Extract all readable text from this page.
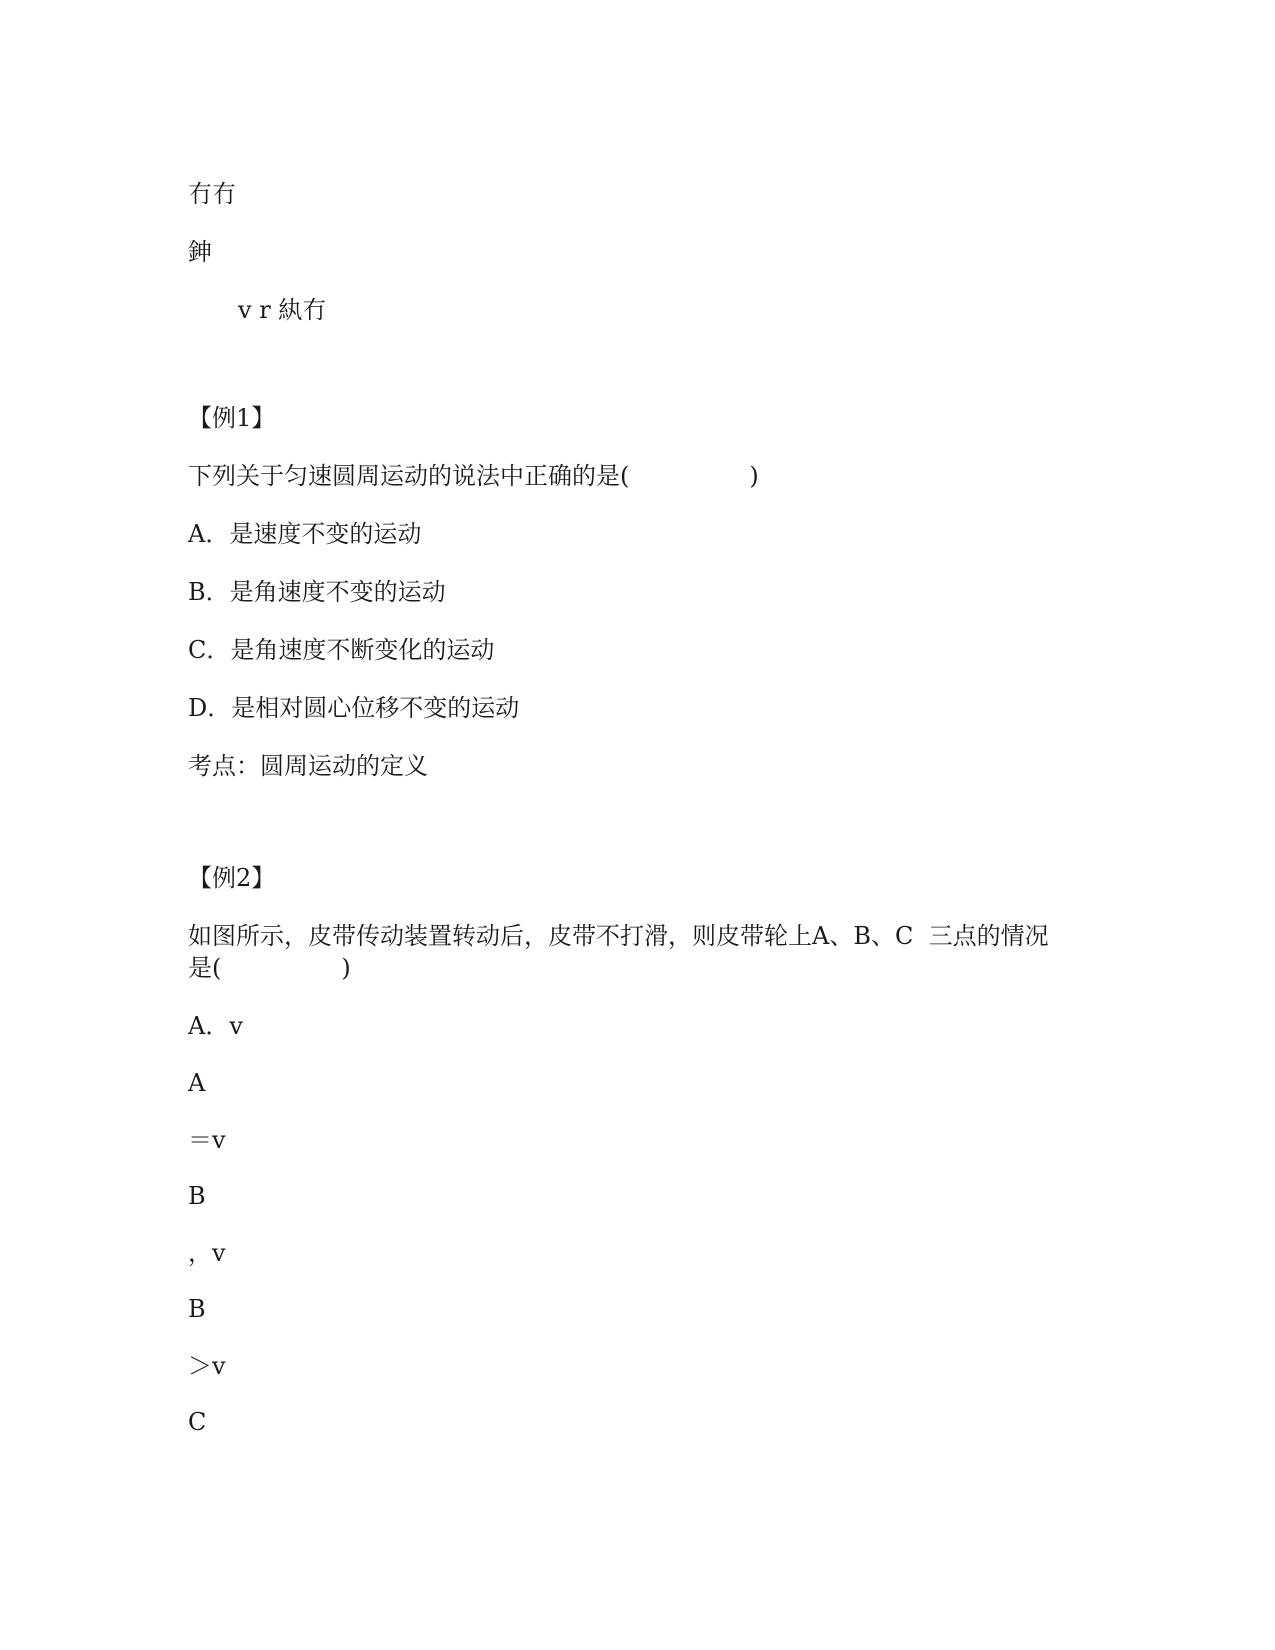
冇冇
鉮
v r 紈冇
【例1】
下列关于匀速圆周运动的说法中正确的是(	)
A．是速度不变的运动
B．是角速度不变的运动
C．是角速度不断变化的运动
D．是相对圆心位移不变的运动
考点：圆周运动的定义
【例2】
如图所示，皮带传动装置转动后，皮带不打滑，则皮带轮上A、B、C  三点的情况
是(	)
A．v
A
＝v
B
，v
B
＞v
C
